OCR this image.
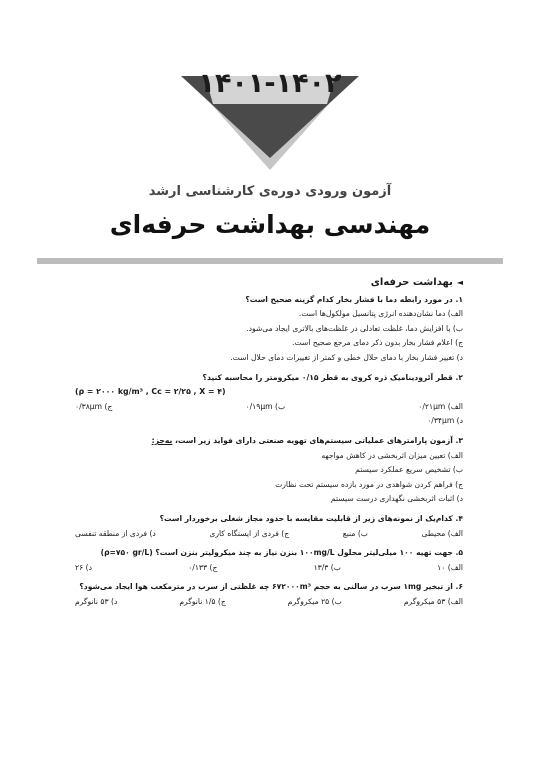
۱۴۰۱-۱۴۰۲
آزمون ورودی دوره‌ی کارشناسی ارشد
مهندسی بهداشت حرفه‌ای
◄بهداشت حرفه‌ای
۱. در مورد رابطه دما با فشار بخار کدام گزینه صحیح است؟
الف) دما نشان‌دهنده انرژی پتانسیل مولکول‌ها است.
ب) با افزایش دما، غلظت تعادلی در غلظت‌های بالاتری ایجاد می‌شود.
ج) اعلام فشار بخار بدون ذکر دمای مرجع صحیح است.
د) تغییر فشار بخار با دمای حلال خطی و کمتر از تغییرات دمای حلال است.
۲. قطر آئرودینامیک ذره کروی به قطر ۰/۱۵ میکرومتر را محاسبه کنید؟
(ρ = ۲۰۰۰ kg/m³ , Cc = ۲/۲۵ , X = ۴)
الف) ۰/۲۱μm
ب) ۰/۱۹μm
ج) ۰/۳۸μm
د) ۰/۳۴μm
۳. آزمون پارامترهای عملیاتی سیستم‌های تهویه صنعتی دارای فواید زیر است، به‌جز:
الف) تعیین میزان اثربخشی در کاهش مواجهه
ب) تشخیص سریع عملکرد سیستم
ج) فراهم کردن شواهدی در مورد بازده سیستم تحت نظارت
د) اثبات اثربخشی نگهداری درست سیستم
۴. کدام‌یک از نمونه‌های زیر از قابلیت مقایسه با حدود مجاز شغلی برخوردار است؟
الف) محیطی
ب) منبع
ج) فردی از ایستگاه کاری
د) فردی از منطقه تنفسی
۵. جهت تهیه ۱۰۰ میلی‌لیتر محلول ۱۰۰mg/L بنزن نیاز به چند میکرولیتر بنزن است؟ (ρ=۷۵۰ gr/L)
الف) ۱۰
ب) ۱۳/۳
ج) ۰/۱۳۳
د) ۲۶
۶. از تبخیر ۱mg سرب در سالنی به حجم ۶۷۲۰۰۰m³ چه غلظتی از سرب در مترمکعب هوا ایجاد می‌شود؟
الف) ۵۳ میکروگرم
ب) ۲۵ میکروگرم
ج) ۱/۵ نانوگرم
د) ۵۳ نانوگرم
